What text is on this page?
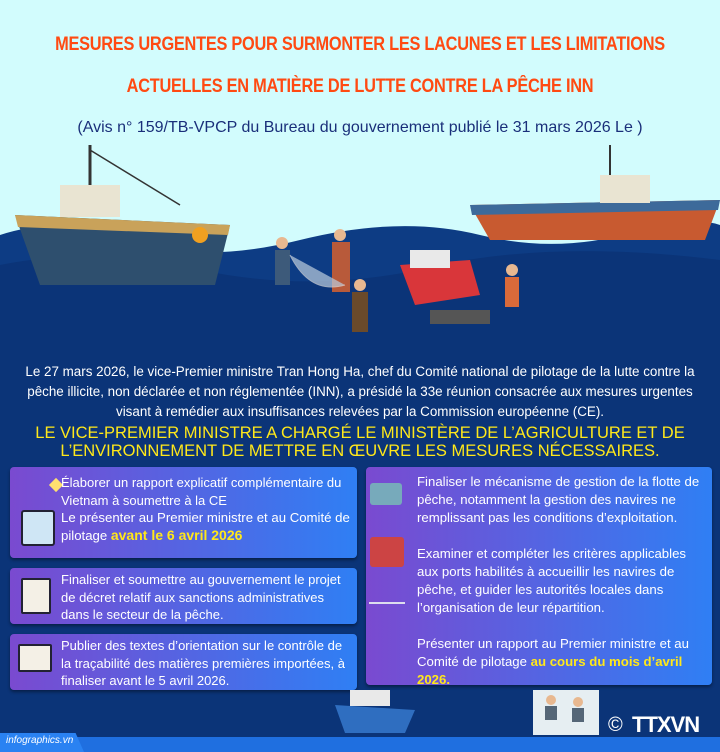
MESURES URGENTES POUR SURMONTER LES LACUNES ET LES LIMITATIONS
ACTUELLES EN MATIÈRE DE LUTTE CONTRE LA PÊCHE INN
(Avis n° 159/TB-VPCP du Bureau du gouvernement publié le 31 mars 2026 Le )
Le 27 mars 2026, le vice-Premier ministre Tran Hong Ha, chef du Comité national de pilotage de la lutte contre la pêche illicite, non déclarée et non réglementée (INN), a présidé la 33e réunion consacrée aux mesures urgentes visant à remédier aux insuffisances relevées par la Commission européenne (CE).
LE VICE-PREMIER MINISTRE A CHARGÉ LE MINISTÈRE DE L’AGRICULTURE ET DE L’ENVIRONNEMENT DE METTRE EN ŒUVRE LES MESURES NÉCESSAIRES.
Élaborer un rapport explicatif complémentaire du Vietnam à soumettre à la CE
Le présenter au Premier ministre et au Comité de pilotage avant le 6 avril 2026
Finaliser et soumettre au gouvernement le projet de décret relatif aux sanctions administratives dans le secteur de la pêche.
Publier des textes d’orientation sur le contrôle de la traçabilité des matières premières importées, à finaliser avant le 5 avril 2026.
Finaliser le mécanisme de gestion de la flotte de pêche, notamment la gestion des navires ne remplissant pas les conditions d’exploitation.
Examiner et compléter les critères applicables aux ports habilités à accueillir les navires de pêche, et guider les autorités locales dans l’organisation de leur répartition.
Présenter un rapport au Premier ministre et au Comité de pilotage au cours du mois d’avril 2026.
© TTXVN
infographics.vn
